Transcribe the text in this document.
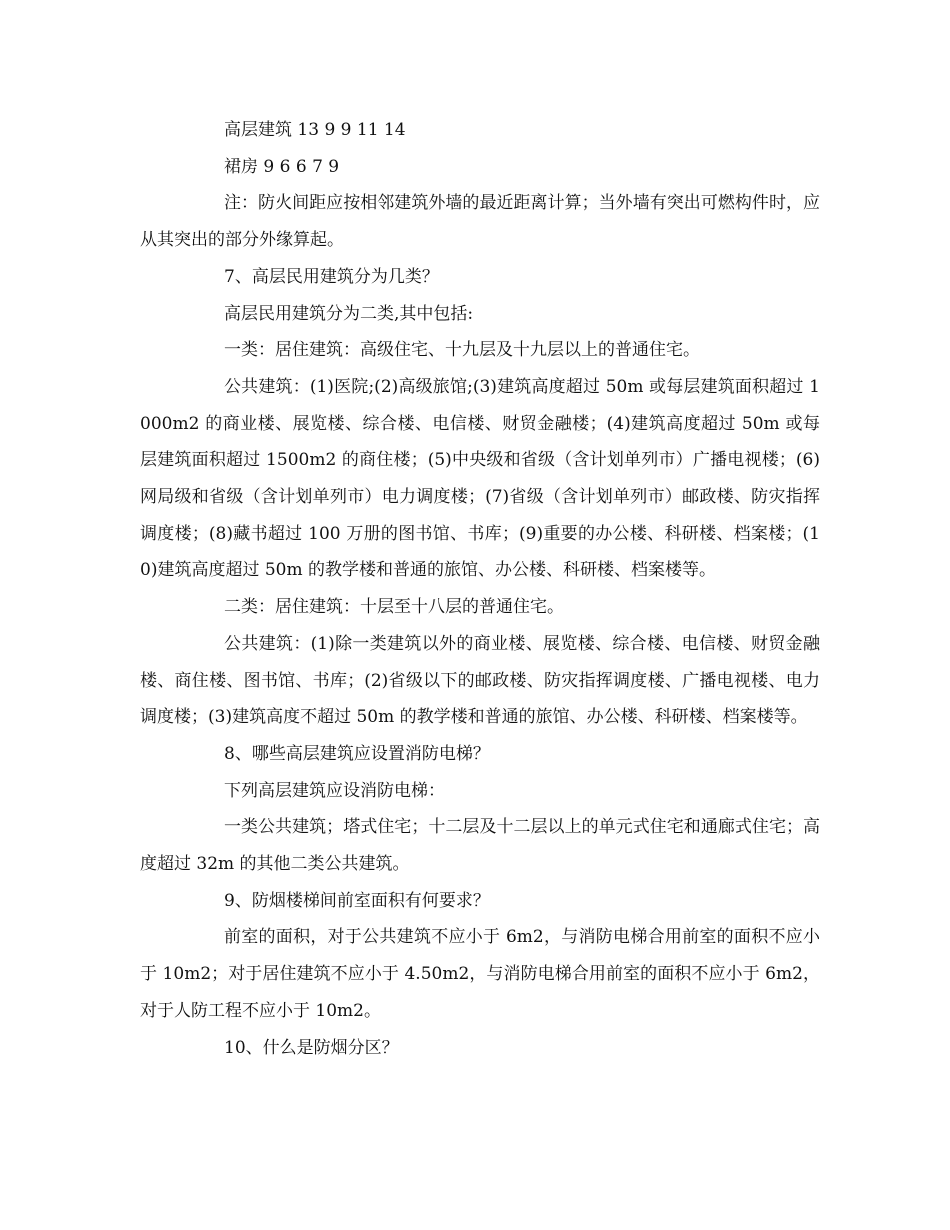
高层建筑 13 9 9 11 14

裙房 9 6 6 7 9

注：防火间距应按相邻建筑外墙的最近距离计算；当外墙有突出可燃构件时，应从其突出的部分外缘算起。

7、高层民用建筑分为几类？

高层民用建筑分为二类,其中包括:

一类：居住建筑：高级住宅、十九层及十九层以上的普通住宅。

公共建筑：(1)医院;(2)高级旅馆;(3)建筑高度超过 50m 或每层建筑面积超过 1000m2 的商业楼、展览楼、综合楼、电信楼、财贸金融楼；(4)建筑高度超过 50m 或每层建筑面积超过 1500m2 的商住楼；(5)中央级和省级（含计划单列市）广播电视楼；(6)网局级和省级（含计划单列市）电力调度楼；(7)省级（含计划单列市）邮政楼、防灾指挥调度楼；(8)藏书超过 100 万册的图书馆、书库；(9)重要的办公楼、科研楼、档案楼；(10)建筑高度超过 50m 的教学楼和普通的旅馆、办公楼、科研楼、档案楼等。

二类：居住建筑：十层至十八层的普通住宅。

公共建筑：(1)除一类建筑以外的商业楼、展览楼、综合楼、电信楼、财贸金融楼、商住楼、图书馆、书库；(2)省级以下的邮政楼、防灾指挥调度楼、广播电视楼、电力调度楼；(3)建筑高度不超过 50m 的教学楼和普通的旅馆、办公楼、科研楼、档案楼等。

8、哪些高层建筑应设置消防电梯？

下列高层建筑应设消防电梯：

一类公共建筑；塔式住宅；十二层及十二层以上的单元式住宅和通廊式住宅；高度超过 32m 的其他二类公共建筑。

9、防烟楼梯间前室面积有何要求？

前室的面积，对于公共建筑不应小于 6m2，与消防电梯合用前室的面积不应小于 10m2；对于居住建筑不应小于 4.50m2，与消防电梯合用前室的面积不应小于 6m2，对于人防工程不应小于 10m2。

10、什么是防烟分区？
